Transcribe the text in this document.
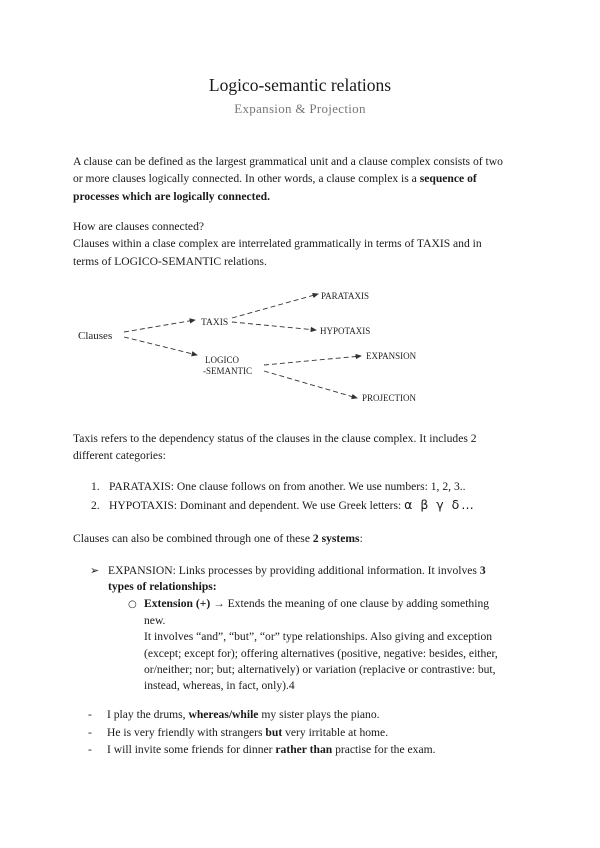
Logico-semantic relations
Expansion & Projection
A clause can be defined as the largest grammatical unit and a clause complex consists of two
or more clauses logically connected. In other words, a clause complex is a sequence of
processes which are logically connected.
How are clauses connected?
Clauses within a clase complex are interrelated grammatically in terms of TAXIS and in
terms of LOGICO-SEMANTIC relations.
Clauses
TAXIS
LOGICO
-SEMANTIC
PARATAXIS
HYPOTAXIS
EXPANSION
PROJECTION
Taxis refers to the dependency status of the clauses in the clause complex. It includes 2
different categories:
1. PARATAXIS: One clause follows on from another. We use numbers: 1, 2, 3..
2. HYPOTAXIS: Dominant and dependent. We use Greek letters: α β γ δ…
Clauses can also be combined through one of these 2 systems:
➢ EXPANSION: Links processes by providing additional information. It involves 3
types of relationships:
○ Extension (+) → Extends the meaning of one clause by adding something
new.
It involves “and”, “but”, “or” type relationships. Also giving and exception
(except; except for); offering alternatives (positive, negative: besides, either,
or/neither; nor; but; alternatively) or variation (replacive or contrastive: but,
instead, whereas, in fact, only).4
- I play the drums, whereas/while my sister plays the piano.
- He is very friendly with strangers but very irritable at home.
- I will invite some friends for dinner rather than practise for the exam.
